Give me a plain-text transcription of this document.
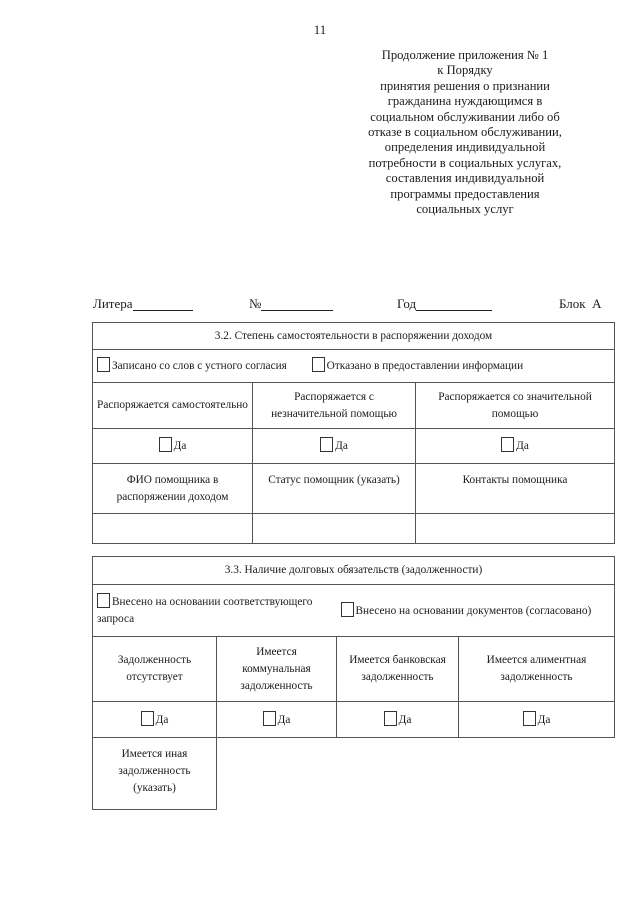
11
Продолжение приложения № 1
к Порядку
принятия решения о признании
гражданина нуждающимся в
социальном обслуживании либо об
отказе в социальном обслуживании,
определения индивидуальной
потребности в социальных услугах,
составления индивидуальной
программы предоставления
социальных услуг
Литера	№	Год	Блок А
3.2. Степень самостоятельности в распоряжении доходом		
Записано со слов с устного согласия Отказано в предоставлении информации		
Распоряжается самостоятельно	Распоряжается с незначительной помощью	Распоряжается со значительной помощью
Да	Да	Да
ФИО помощника в распоряжении доходом	Статус помощник (указать)	Контакты помощника

3.3. Наличие долговых обязательств (задолженности)			
Внесено на основании соответствующего запроса		Внесено на основании документов (согласовано)	
Задолженность отсутствует	Имеется коммунальная задолженность	Имеется банковская задолженность	Имеется алиментная задолженность
Да	Да	Да	Да
Имеется иная задолженность (указать)			
